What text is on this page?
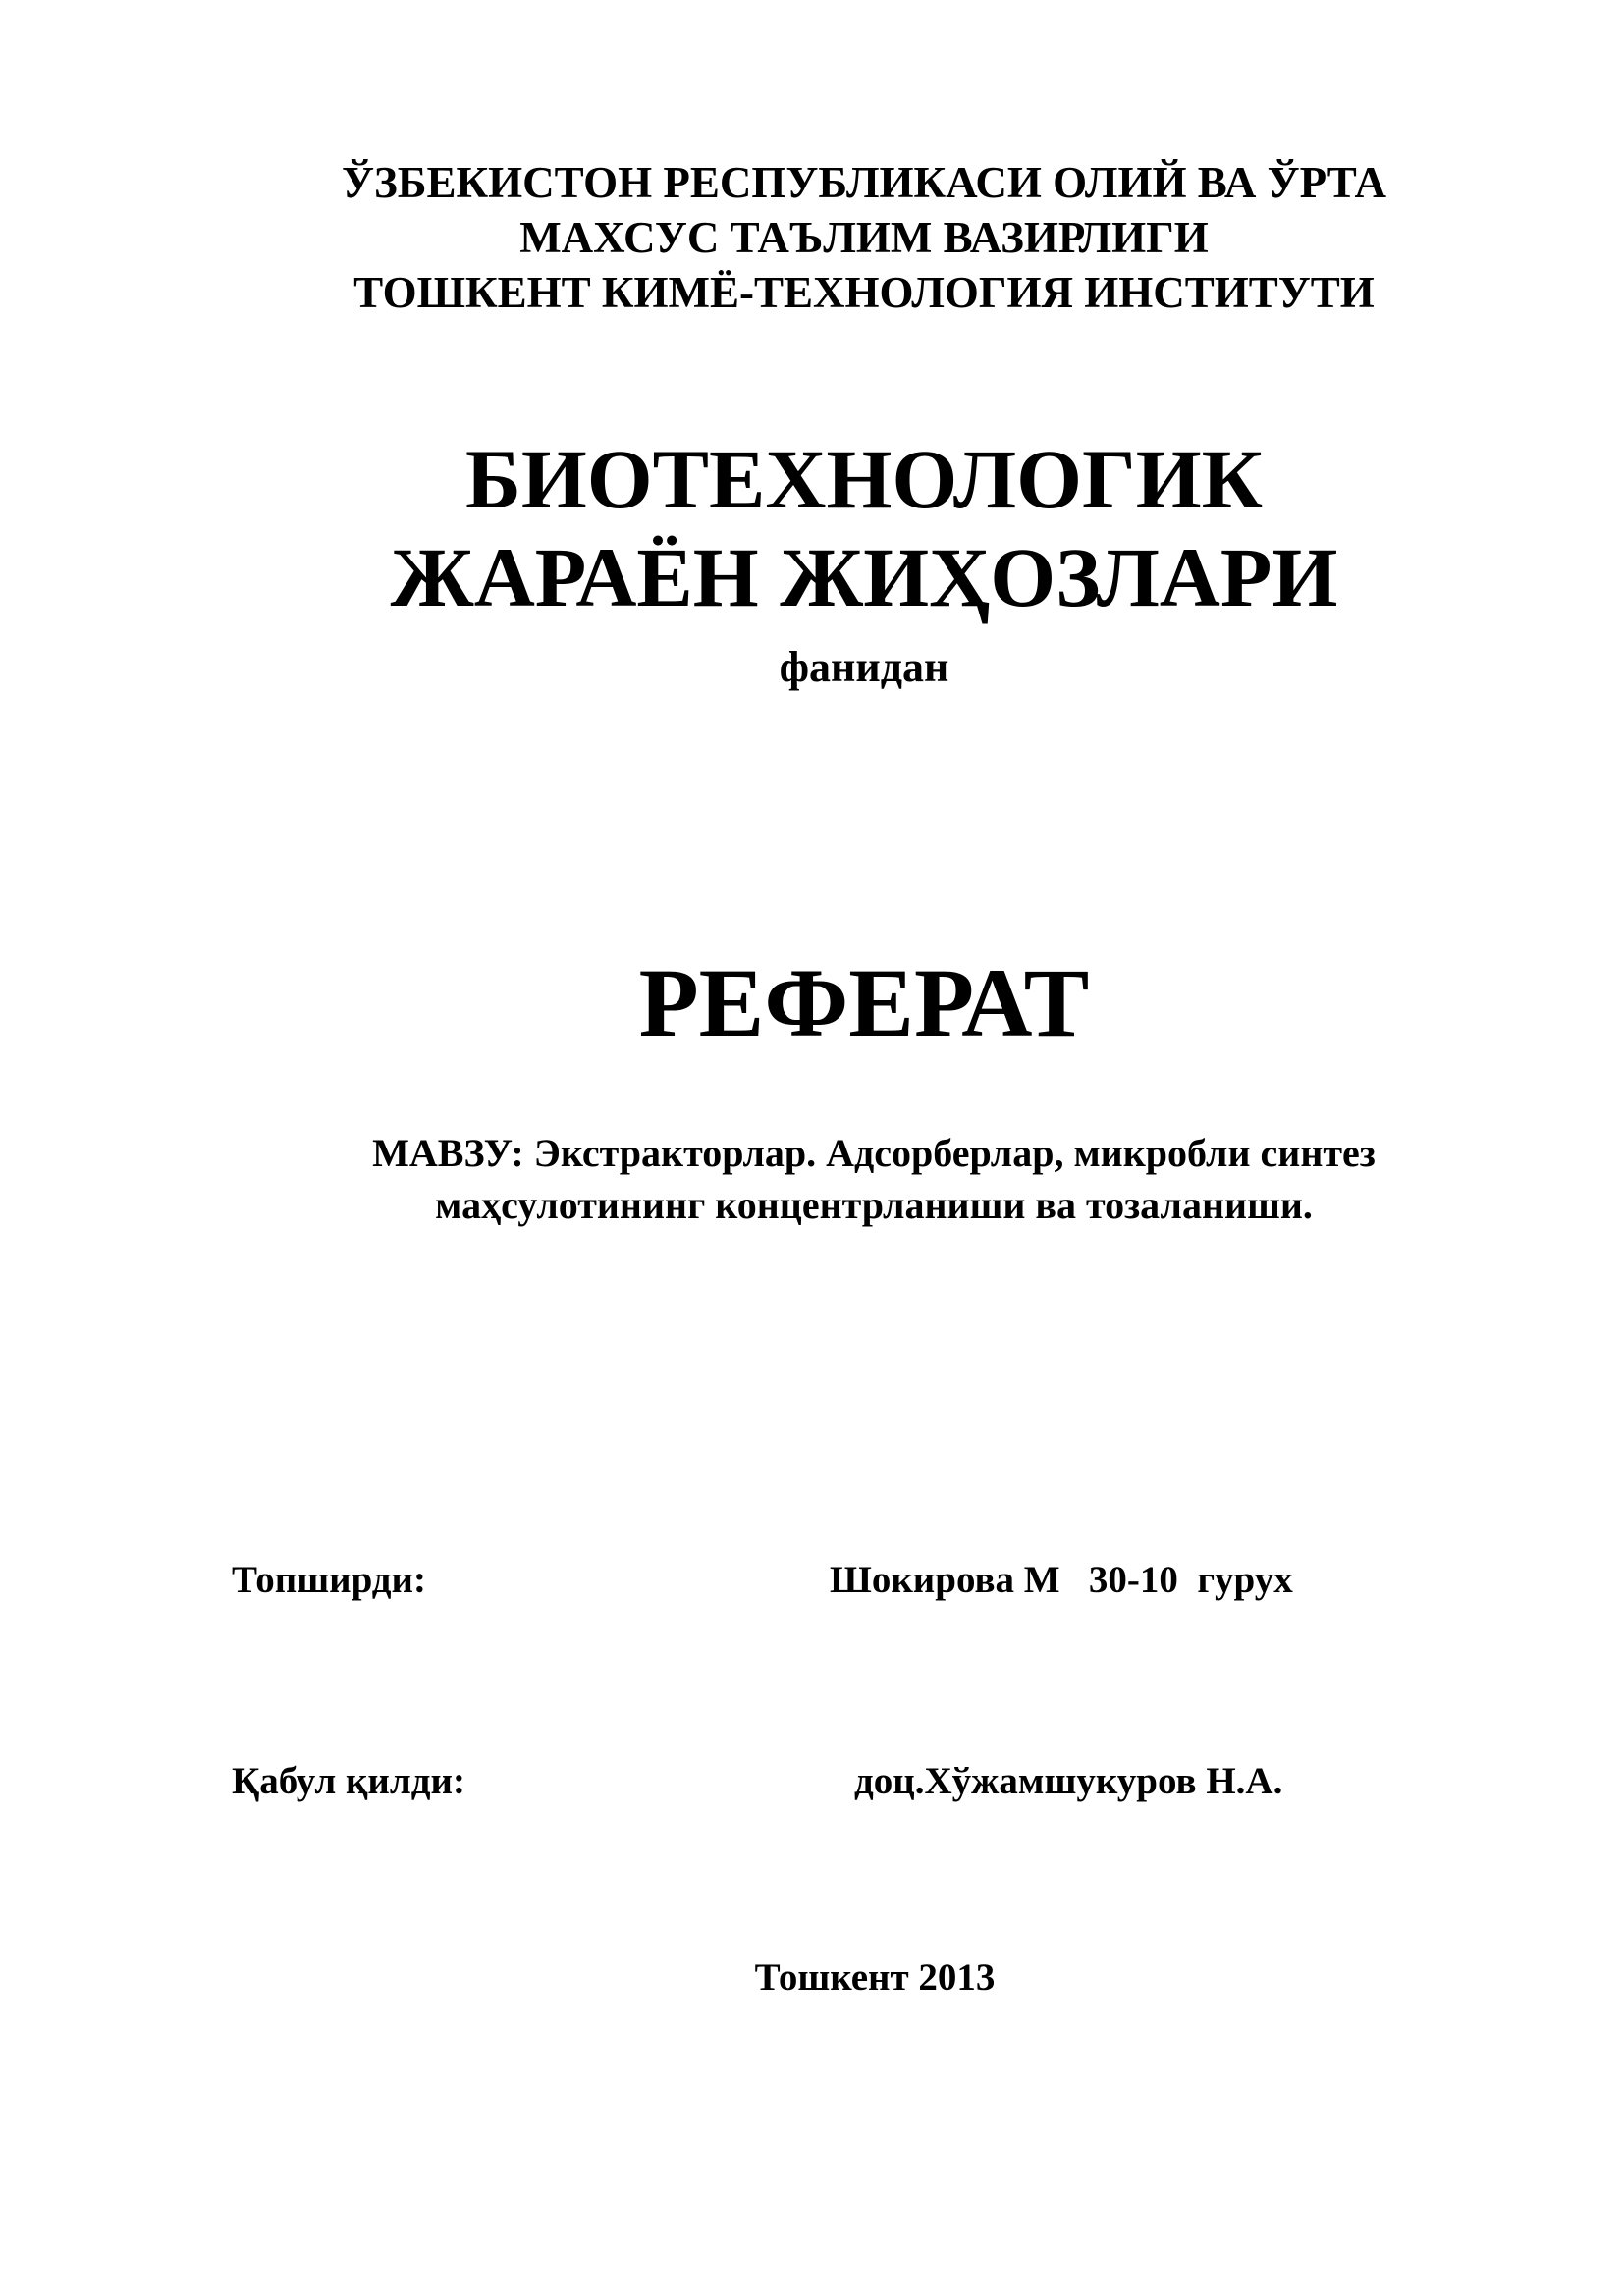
ЎЗБЕКИСТОН РЕСПУБЛИКАСИ ОЛИЙ ВА ЎРТА
МАХСУС ТАЪЛИМ ВАЗИРЛИГИ
ТОШКЕНТ КИМЁ-ТЕХНОЛОГИЯ ИНСТИТУТИ
БИОТЕХНОЛОГИК
ЖАРАЁН ЖИҲОЗЛАРИ
фанидан
РЕФЕРАТ
МАВЗУ: Экстракторлар. Адсорберлар, микробли синтез
маҳсулотининг концентрланиши ва тозаланиши.
Топширди:	Шокирова М   30-10  гурух
Қабул қилди:	доц.Хўжамшукуров Н.А.
Тошкент 2013
